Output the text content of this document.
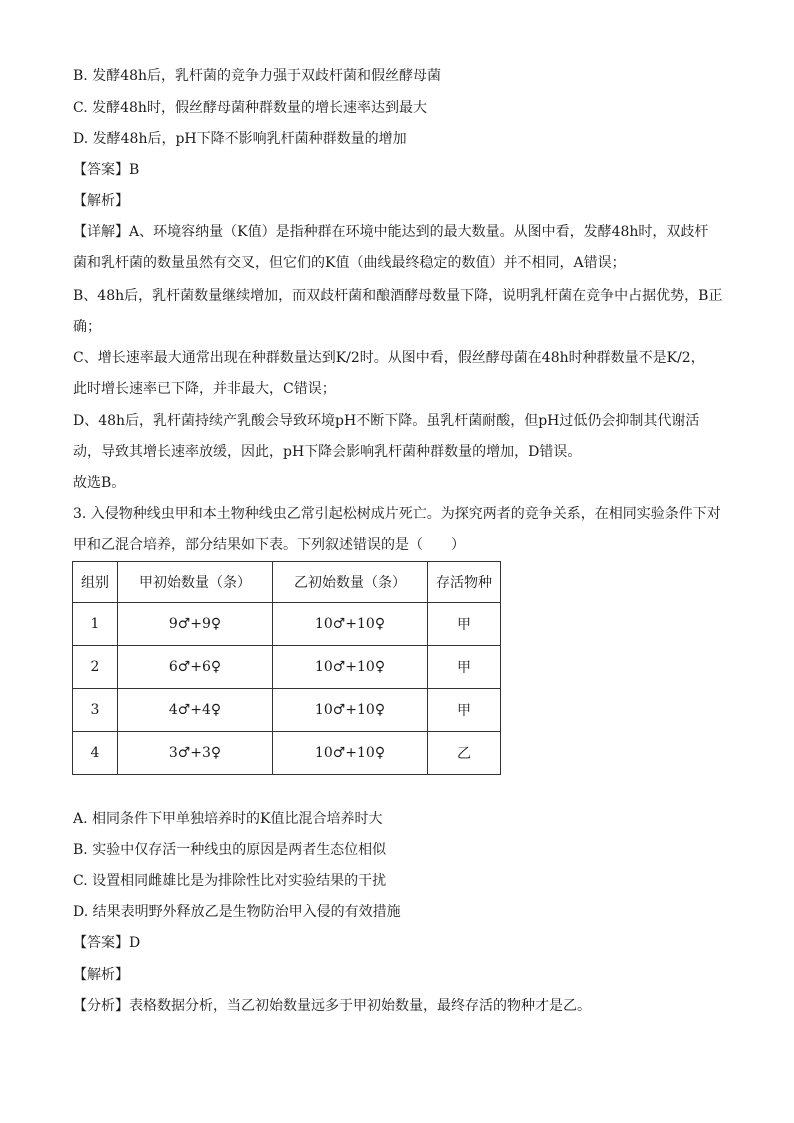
B. 发酵48h后，乳杆菌的竞争力强于双歧杆菌和假丝酵母菌
C. 发酵48h时，假丝酵母菌种群数量的增长速率达到最大
D. 发酵48h后，pH下降不影响乳杆菌种群数量的增加
【答案】B
【解析】
【详解】A、环境容纳量（K值）是指种群在环境中能达到的最大数量。从图中看，发酵48h时，双歧杆
菌和乳杆菌的数量虽然有交叉，但它们的K值（曲线最终稳定的数值）并不相同，A错误；
B、48h后，乳杆菌数量继续增加，而双歧杆菌和酿酒酵母数量下降，说明乳杆菌在竞争中占据优势，B正
确；
C、增长速率最大通常出现在种群数量达到K/2时。从图中看，假丝酵母菌在48h时种群数量不是K/2，
此时增长速率已下降，并非最大，C错误；
D、48h后，乳杆菌持续产乳酸会导致环境pH不断下降。虽乳杆菌耐酸，但pH过低仍会抑制其代谢活
动，导致其增长速率放缓，因此，pH下降会影响乳杆菌种群数量的增加，D错误。
故选B。
3. 入侵物种线虫甲和本土物种线虫乙常引起松树成片死亡。为探究两者的竞争关系，在相同实验条件下对
甲和乙混合培养，部分结果如下表。下列叙述错误的是（　　）
组别	甲初始数量（条）	乙初始数量（条）	存活物种
1	9♂+9♀	10♂+10♀	甲
2	6♂+6♀	10♂+10♀	甲
3	4♂+4♀	10♂+10♀	甲
4	3♂+3♀	10♂+10♀	乙
A. 相同条件下甲单独培养时的K值比混合培养时大
B. 实验中仅存活一种线虫的原因是两者生态位相似
C. 设置相同雌雄比是为排除性比对实验结果的干扰
D. 结果表明野外释放乙是生物防治甲入侵的有效措施
【答案】D
【解析】
【分析】表格数据分析，当乙初始数量远多于甲初始数量，最终存活的物种才是乙。
